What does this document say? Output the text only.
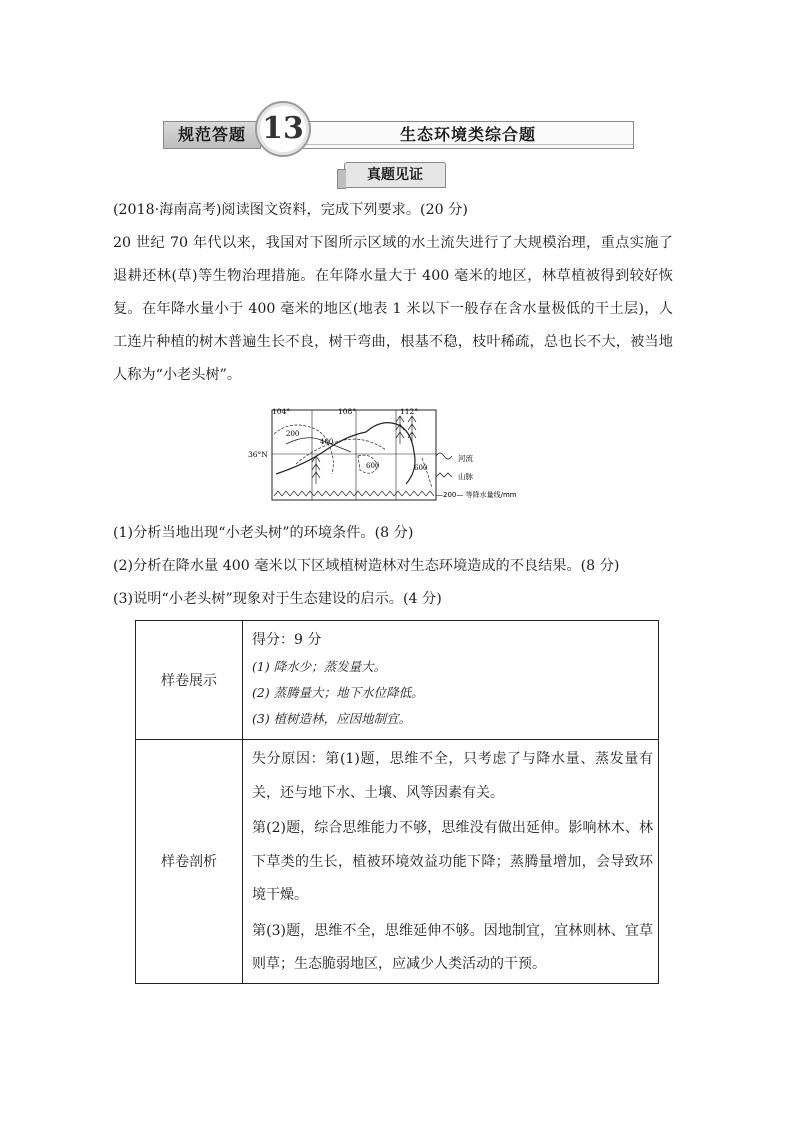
规范答题	生态环境类综合题
13
真题见证
(2018·海南高考)阅读图文资料，完成下列要求。(20 分)
20 世纪 70 年代以来，我国对下图所示区域的水土流失进行了大规模治理，重点实施了退耕还林(草)等生物治理措施。在年降水量大于 400 毫米的地区，林草植被得到较好恢复。在年降水量小于 400 毫米的地区(地表 1 米以下一般存在含水量极低的干土层)，人工连片种植的树木普遍生长不良，树干弯曲，根基不稳，枝叶稀疏，总也长不大，被当地人称为“小老头树”。
104°	108°	112°
36°N
200
400
600	600
河流
山脉
—200— 等降水量线/mm
(1)分析当地出现“小老头树”的环境条件。(8 分)
(2)分析在降水量 400 毫米以下区域植树造林对生态环境造成的不良结果。(8 分)
(3)说明“小老头树”现象对于生态建设的启示。(4 分)
样卷展示	得分：9 分
(1) 降水少；蒸发量大。
(2) 蒸腾量大；地下水位降低。
(3) 植树造林，应因地制宜。

样卷剖析	失分原因：第(1)题，思维不全，只考虑了与降水量、蒸发量有关，还与地下水、土壤、风等因素有关。
第(2)题，综合思维能力不够，思维没有做出延伸。影响林木、林下草类的生长，植被环境效益功能下降；蒸腾量增加，会导致环境干燥。
第(3)题，思维不全，思维延伸不够。因地制宜，宜林则林、宜草则草；生态脆弱地区，应减少人类活动的干预。
